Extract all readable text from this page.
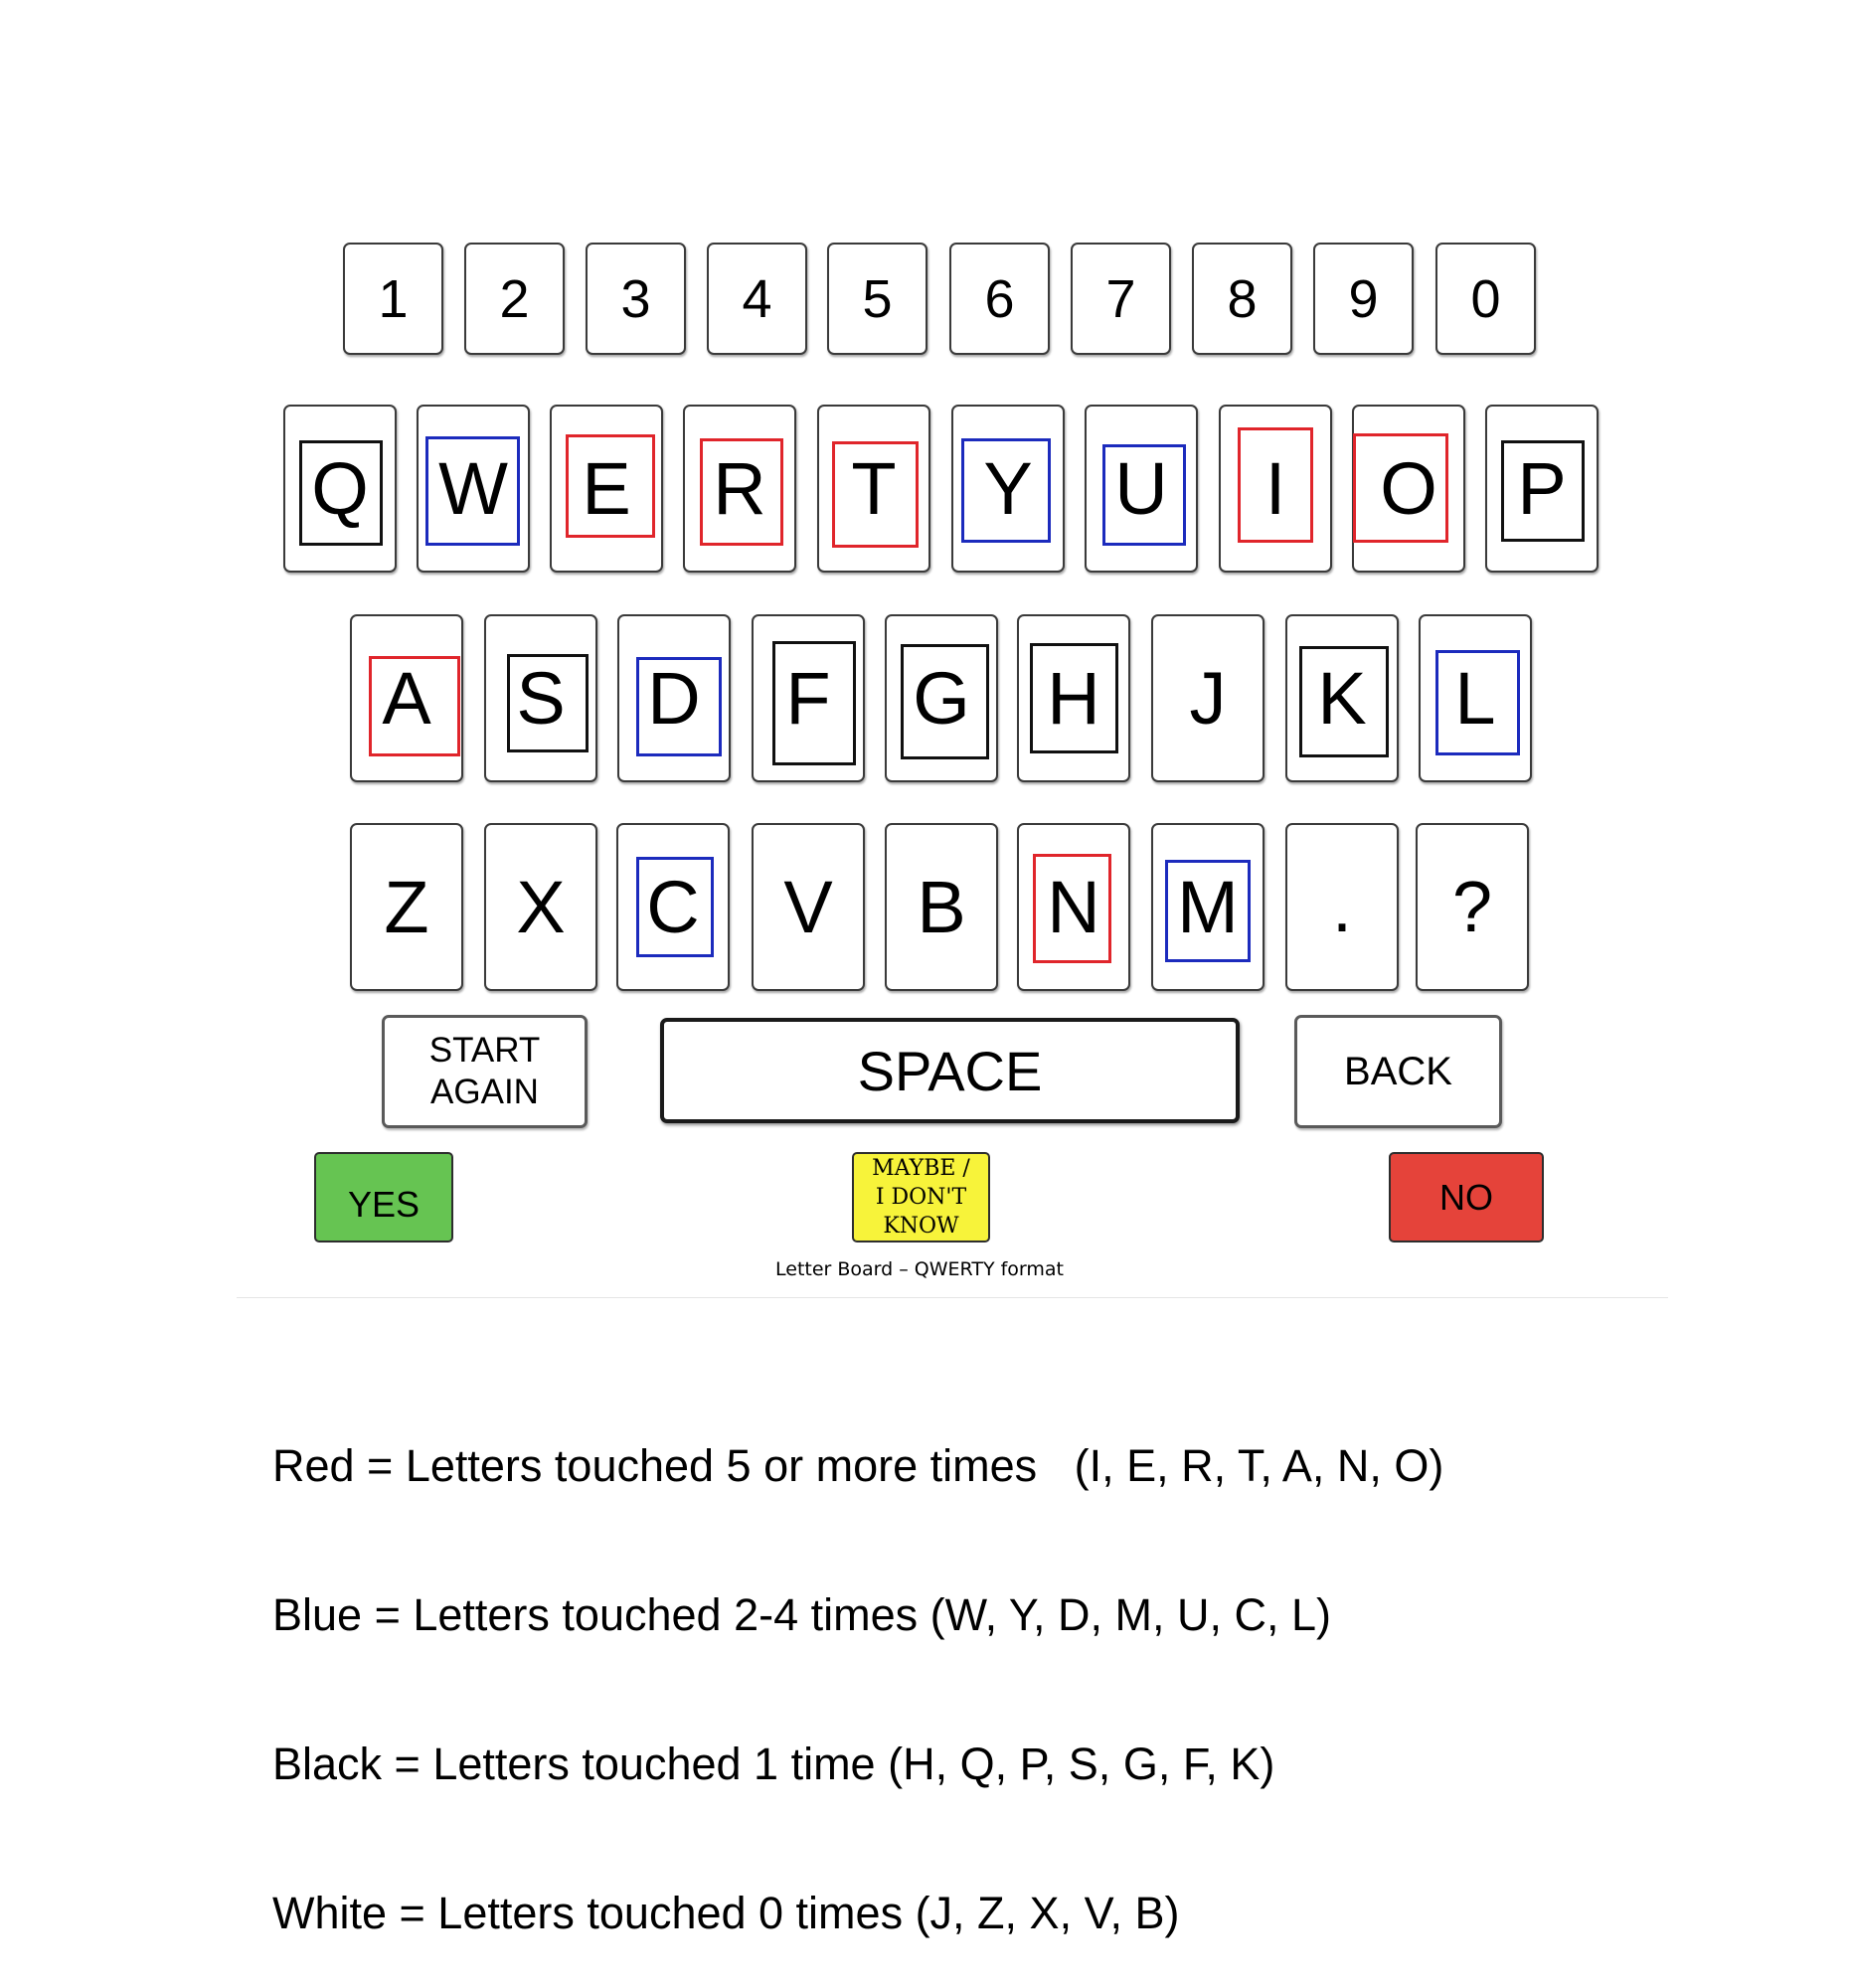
1 2 3 4 5 6 7 8 9 0
Q W E R T Y U I O P
A S D F G H J K L
Z X C V B N M . ?
START
AGAIN	SPACE	BACK
YES
MAYBE /
I DON'T
KNOW
NO
Letter Board – QWERTY format

Red = Letters touched 5 or more times   (I, E, R, T, A, N, O)

Blue = Letters touched 2-4 times (W, Y, D, M, U, C, L)

Black = Letters touched 1 time (H, Q, P, S, G, F, K)

White = Letters touched 0 times (J, Z, X, V, B)
